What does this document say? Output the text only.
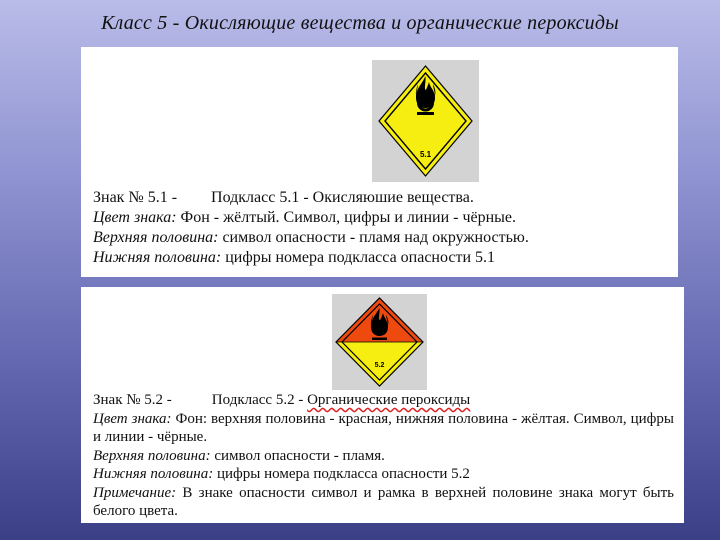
Класс 5 - Окисляющие вещества и органические пероксиды
5.1
Знак № 5.1 - Подкласс 5.1 - Окисляюшие вещества.
Цвет знака: Фон - жёлтый. Символ, цифры и линии - чёрные.
Верхняя половина: символ опасности - пламя над окружностью.
Нижняя половина: цифры номера подкласса опасности 5.1
5.2
Знак № 5.2 -	Подкласс 5.2 - Органические пероксиды
Цвет знака: Фон: верхняя половина - красная, нижняя половина - жёлтая. Символ, цифры и линии - чёрные.
Верхняя половина: символ опасности - пламя.
Нижняя половина: цифры номера подкласса опасности 5.2
Примечание: В знаке опасности символ и рамка в верхней половине знака могут быть белого цвета.
